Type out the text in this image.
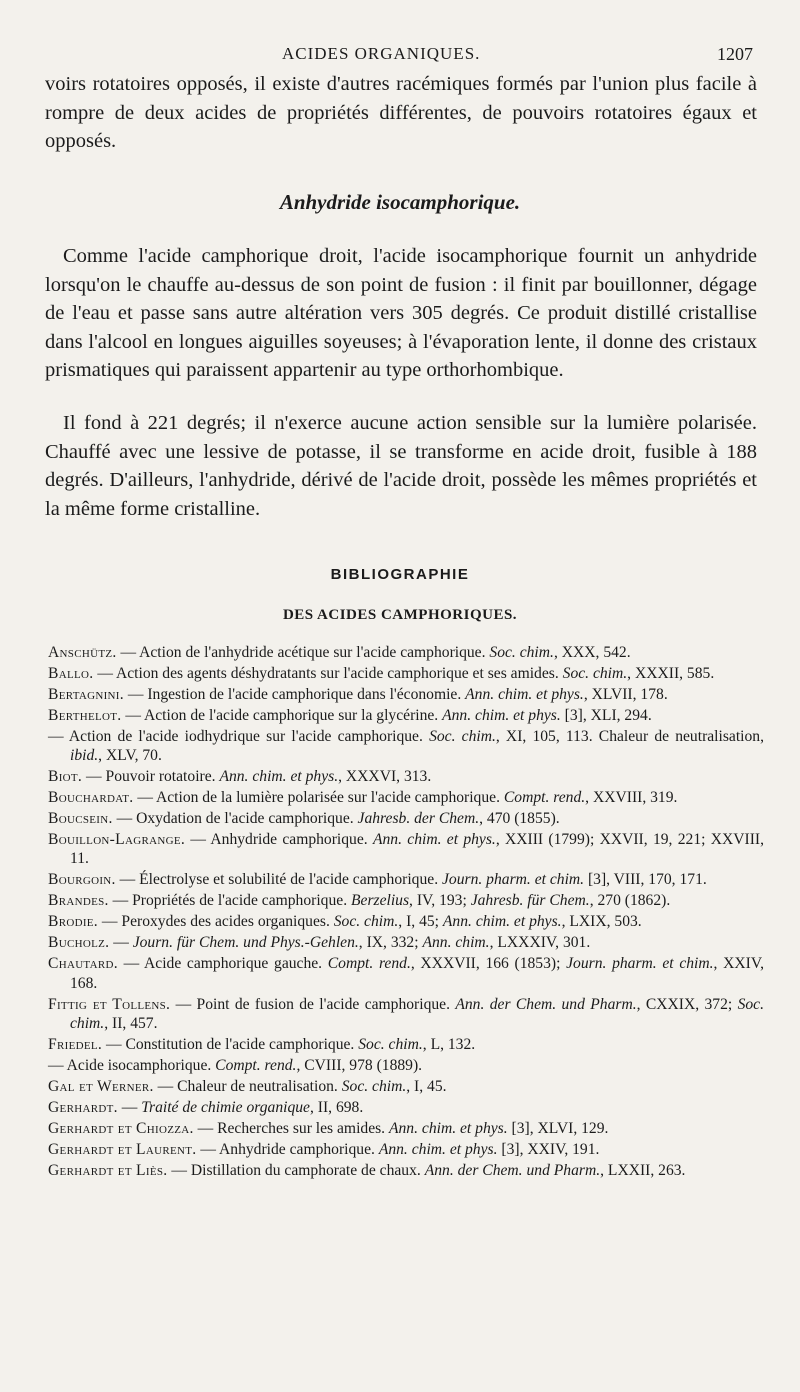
ACIDES ORGANIQUES.	1207

voirs rotatoires opposés, il existe d'autres racémiques formés par l'union plus facile à rompre de deux acides de propriétés différentes, de pouvoirs rotatoires égaux et opposés.

Anhydride isocamphorique.

Comme l'acide camphorique droit, l'acide isocamphorique fournit un anhydride lorsqu'on le chauffe au-dessus de son point de fusion : il finit par bouillonner, dégage de l'eau et passe sans autre altération vers 305 degrés. Ce produit distillé cristallise dans l'alcool en longues aiguilles soyeuses; à l'évaporation lente, il donne des cristaux prismatiques qui paraissent appartenir au type orthorhombique.

Il fond à 221 degrés; il n'exerce aucune action sensible sur la lumière polarisée. Chauffé avec une lessive de potasse, il se transforme en acide droit, fusible à 188 degrés. D'ailleurs, l'anhydride, dérivé de l'acide droit, possède les mêmes propriétés et la même forme cristalline.

BIBLIOGRAPHIE
DES ACIDES CAMPHORIQUES.
Anschütz. — Action de l'anhydride acétique sur l'acide camphorique. Soc. chim., XXX, 542.
Ballo. — Action des agents déshydratants sur l'acide camphorique et ses amides. Soc. chim., XXXII, 585.
Bertagnini. — Ingestion de l'acide camphorique dans l'économie. Ann. chim. et phys., XLVII, 178.
Berthelot. — Action de l'acide camphorique sur la glycérine. Ann. chim. et phys. [3], XLI, 294.
— Action de l'acide iodhydrique sur l'acide camphorique. Soc. chim., XI, 105, 113. Chaleur de neutralisation, ibid., XLV, 70.
Biot. — Pouvoir rotatoire. Ann. chim. et phys., XXXVI, 313.
Bouchardat. — Action de la lumière polarisée sur l'acide camphorique. Compt. rend., XXVIII, 319.
Boucsein. — Oxydation de l'acide camphorique. Jahresb. der Chem., 470 (1855).
Bouillon-Lagrange. — Anhydride camphorique. Ann. chim. et phys., XXIII (1799); XXVII, 19, 221; XXVIII, 11.
Bourgoin. — Électrolyse et solubilité de l'acide camphorique. Journ. pharm. et chim. [3], VIII, 170, 171.
Brandes. — Propriétés de l'acide camphorique. Berzelius, IV, 193; Jahresb. für Chem., 270 (1862).
Brodie. — Peroxydes des acides organiques. Soc. chim., I, 45; Ann. chim. et phys., LXIX, 503.
Bucholz. — Journ. für Chem. und Phys.-Gehlen., IX, 332; Ann. chim., LXXXIV, 301.
Chautard. — Acide camphorique gauche. Compt. rend., XXXVII, 166 (1853); Journ. pharm. et chim., XXIV, 168.
Fittig et Tollens. — Point de fusion de l'acide camphorique. Ann. der Chem. und Pharm., CXXIX, 372; Soc. chim., II, 457.
Friedel. — Constitution de l'acide camphorique. Soc. chim., L, 132.
— Acide isocamphorique. Compt. rend., CVIII, 978 (1889).
Gal et Werner. — Chaleur de neutralisation. Soc. chim., I, 45.
Gerhardt. — Traité de chimie organique, II, 698.
Gerhardt et Chiozza. — Recherches sur les amides. Ann. chim. et phys. [3], XLVI, 129.
Gerhardt et Laurent. — Anhydride camphorique. Ann. chim. et phys. [3], XXIV, 191.
Gerhardt et Liès. — Distillation du camphorate de chaux. Ann. der Chem. und Pharm., LXXII, 263.
